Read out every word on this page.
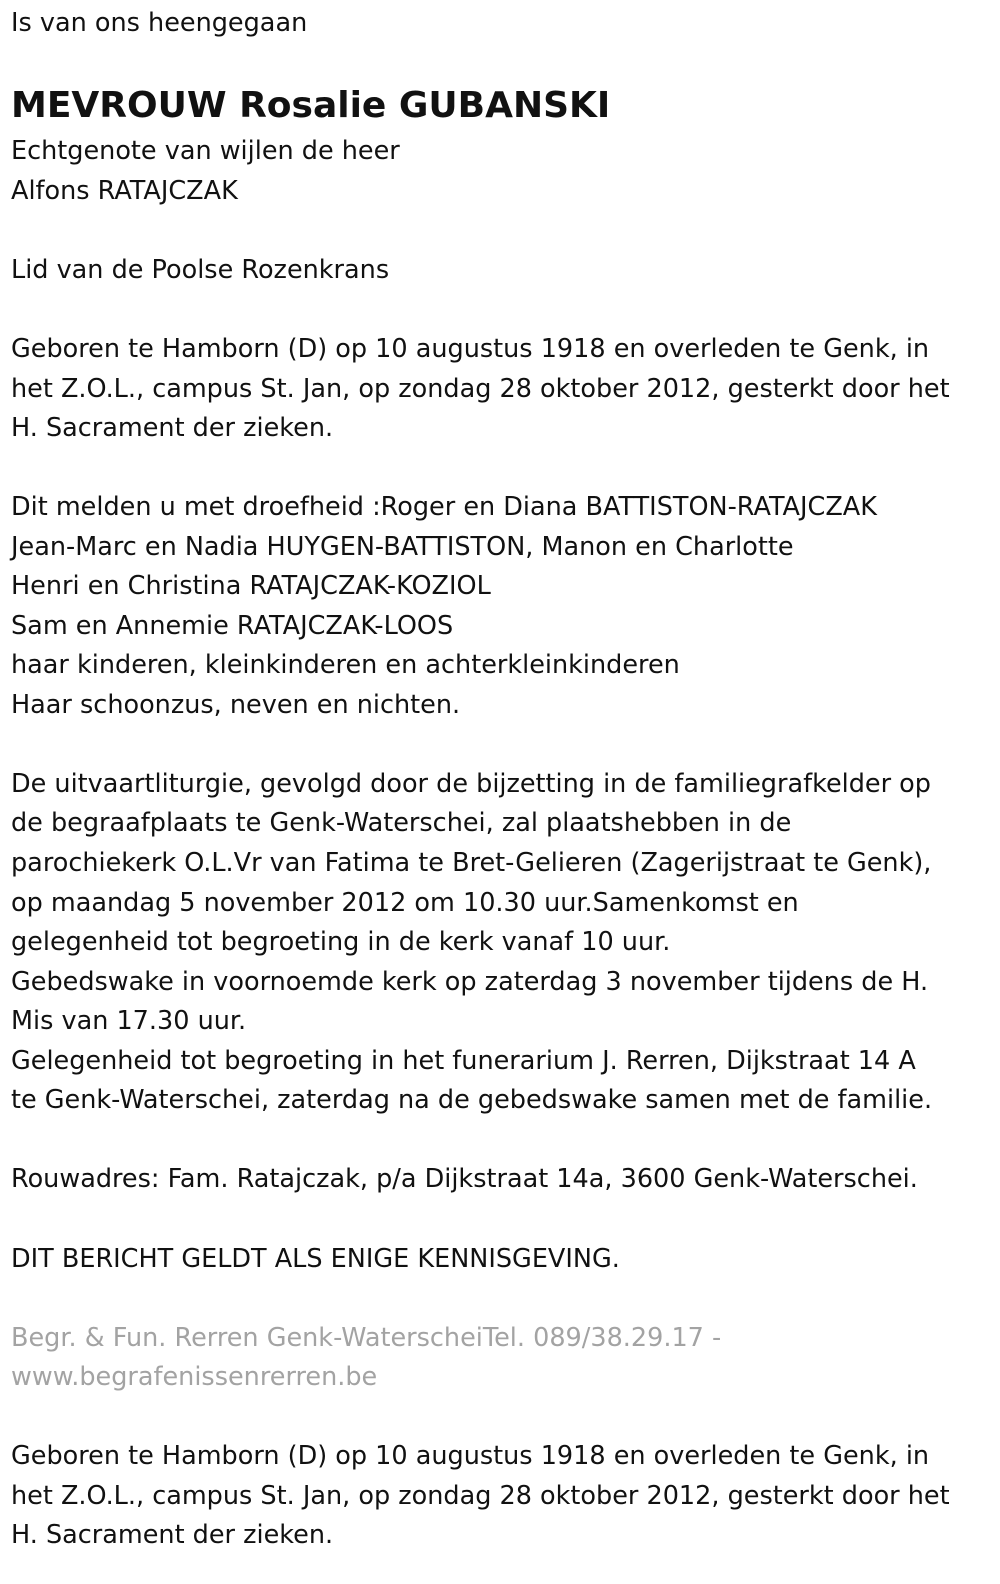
Is van ons heengegaan
MEVROUW Rosalie GUBANSKI
Echtgenote van wijlen de heer
Alfons RATAJCZAK
Lid van de Poolse Rozenkrans
Geboren te Hamborn (D) op 10 augustus 1918 en overleden te Genk, in
het Z.O.L., campus St. Jan, op zondag 28 oktober 2012, gesterkt door het
H. Sacrament der zieken.
Dit melden u met droefheid :Roger en Diana BATTISTON-RATAJCZAK
Jean-Marc en Nadia HUYGEN-BATTISTON, Manon en Charlotte
Henri en Christina RATAJCZAK-KOZIOL
Sam en Annemie RATAJCZAK-LOOS
haar kinderen, kleinkinderen en achterkleinkinderen
Haar schoonzus, neven en nichten.
De uitvaartliturgie, gevolgd door de bijzetting in de familiegrafkelder op
de begraafplaats te Genk-Waterschei, zal plaatshebben in de
parochiekerk O.L.Vr van Fatima te Bret-Gelieren (Zagerijstraat te Genk),
op maandag 5 november 2012 om 10.30 uur.Samenkomst en
gelegenheid tot begroeting in de kerk vanaf 10 uur.
Gebedswake in voornoemde kerk op zaterdag 3 november tijdens de H.
Mis van 17.30 uur.
Gelegenheid tot begroeting in het funerarium J. Rerren, Dijkstraat 14 A
te Genk-Waterschei, zaterdag na de gebedswake samen met de familie.
Rouwadres: Fam. Ratajczak, p/a Dijkstraat 14a, 3600 Genk-Waterschei.
DIT BERICHT GELDT ALS ENIGE KENNISGEVING.
Begr. & Fun. Rerren Genk-WaterscheiTel. 089/38.29.17 -
www.begrafenissenrerren.be
Geboren te Hamborn (D) op 10 augustus 1918 en overleden te Genk, in
het Z.O.L., campus St. Jan, op zondag 28 oktober 2012, gesterkt door het
H. Sacrament der zieken.
